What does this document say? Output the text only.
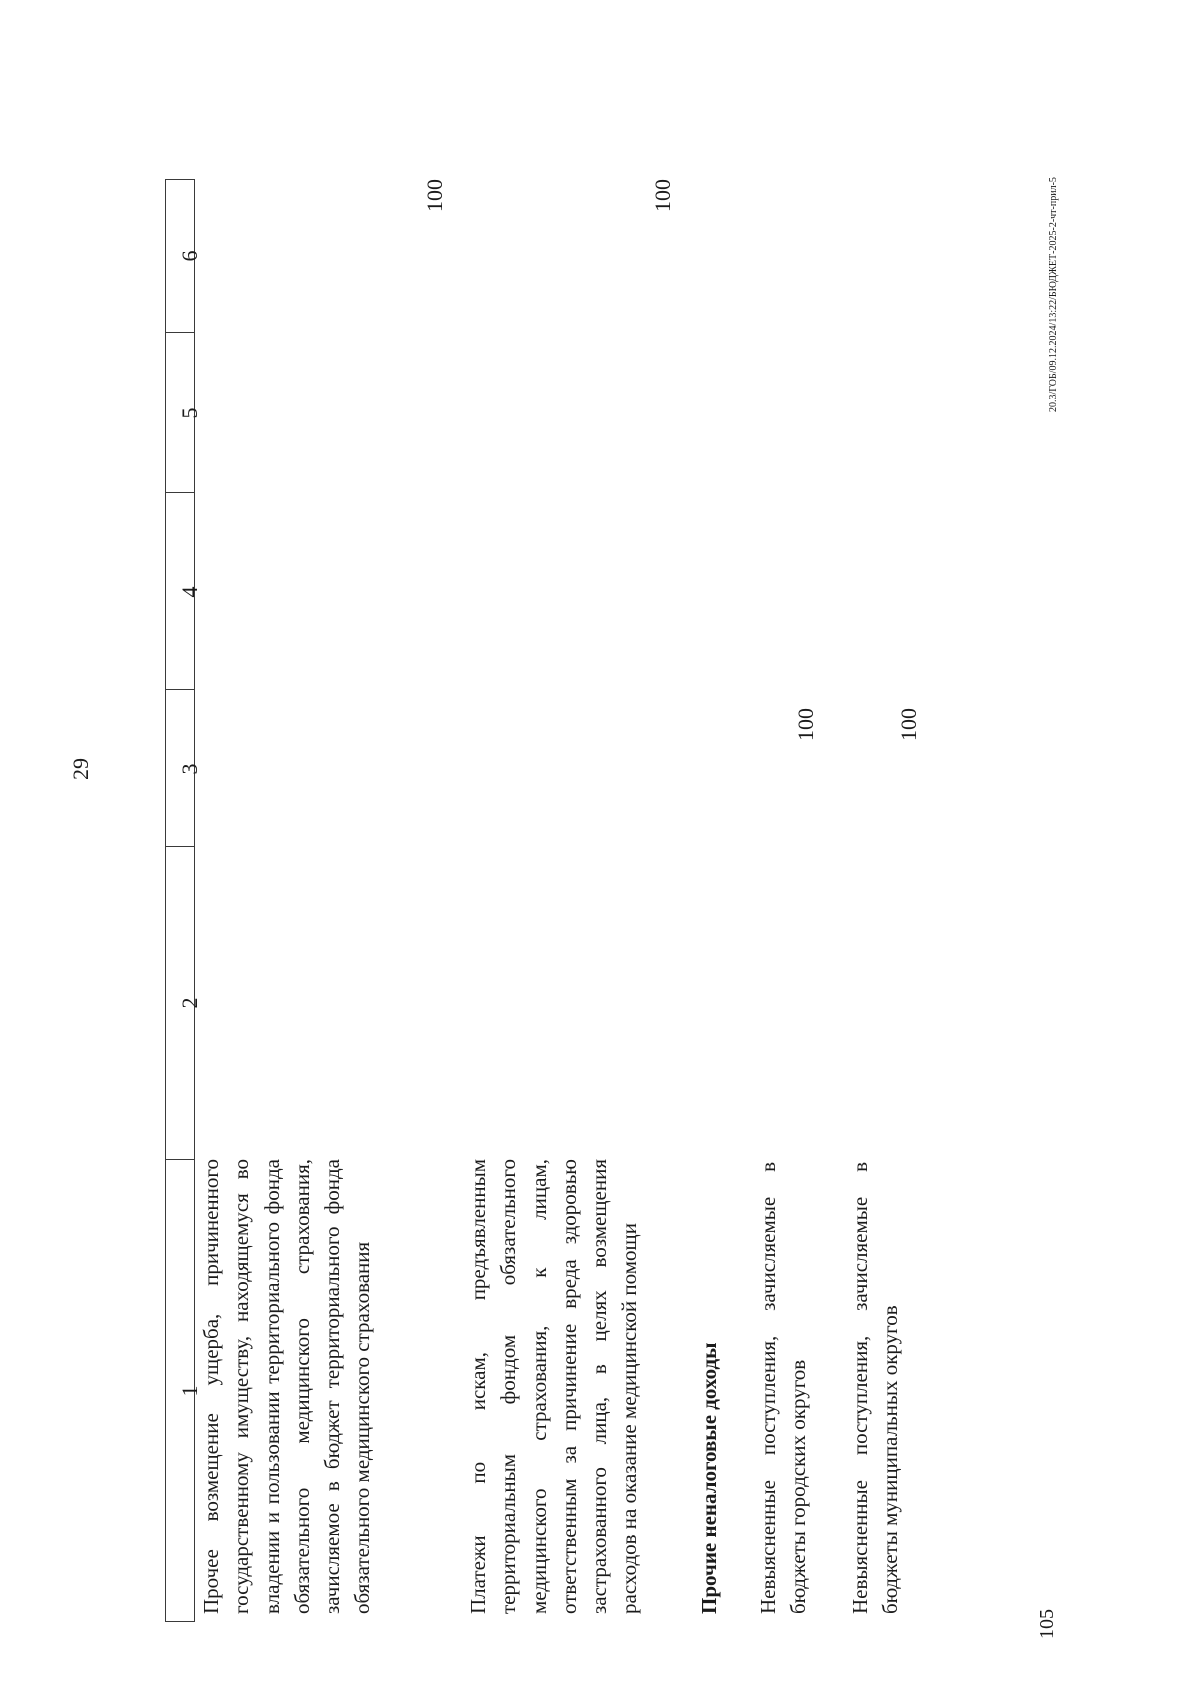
29
1
2
3
4
5
6
Прочее возмещение ущерба, причиненного государственному имуществу, находящемуся во владении и пользовании территориального фонда обязательного медицинского страхования, зачисляемое в бюджет территориального фонда обязательного медицинского страхования
100
Платежи по искам, предъявленным территориальным фондом обязательного медицинского страхования, к лицам, ответственным за причинение вреда здоровью застрахованного лица, в целях возмещения расходов на оказание медицинской помощи
100
Прочие неналоговые доходы Невыясненные поступления, зачисляемые в бюджеты городских округов
100
Невыясненные поступления, зачисляемые в бюджеты муниципальных округов
100
20.3/ГОБ/09.12.2024/13:22/БЮДЖЕТ-2025-2-чт-прил-5
105
